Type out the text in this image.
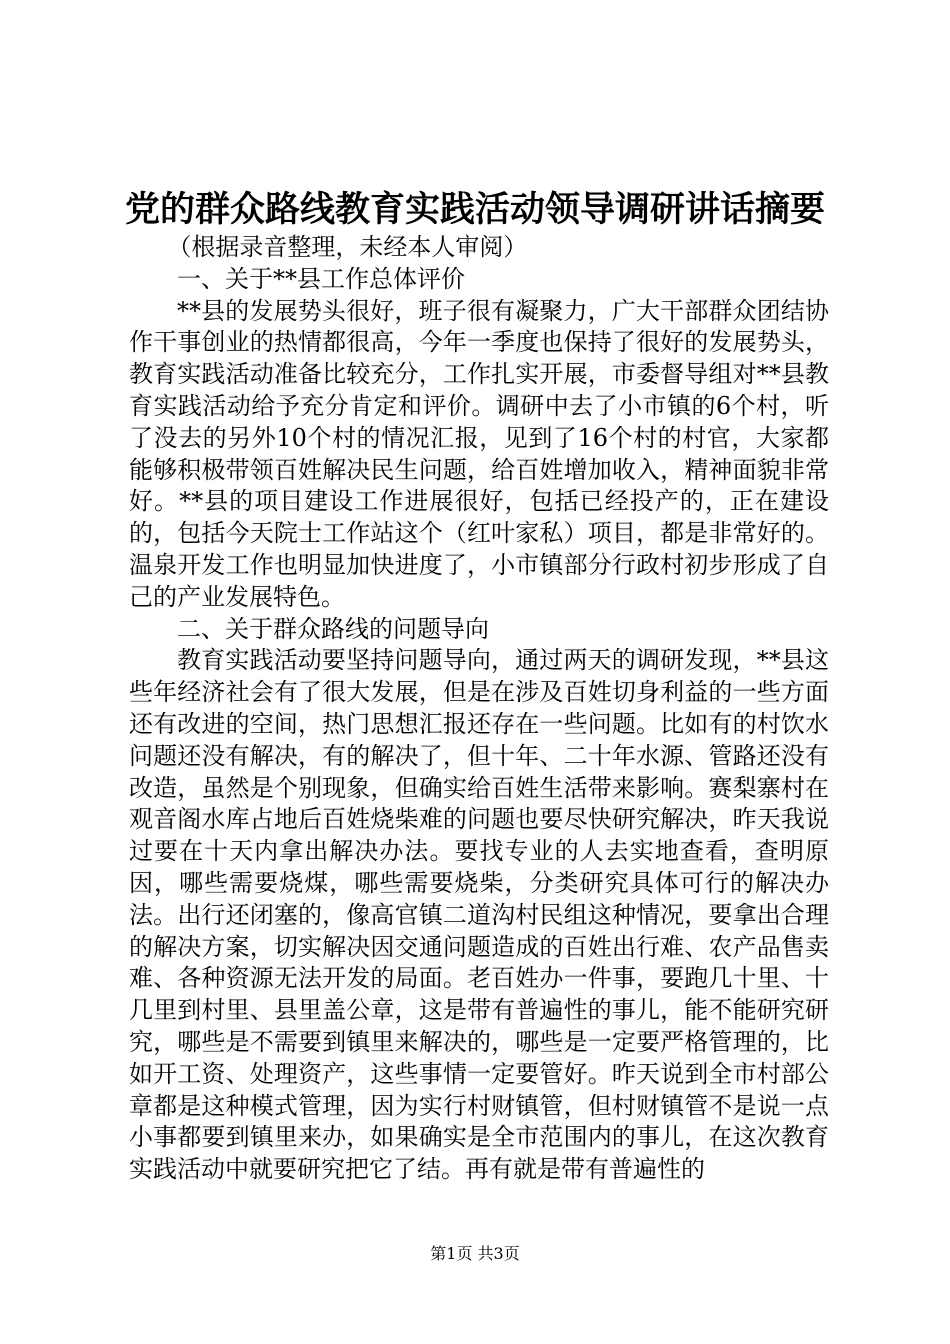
党的群众路线教育实践活动领导调研讲话摘要

（根据录音整理，未经本人审阅）

一、关于**县工作总体评价

**县的发展势头很好，班子很有凝聚力，广大干部群众团结协作干事创业的热情都很高，今年一季度也保持了很好的发展势头，教育实践活动准备比较充分，工作扎实开展，市委督导组对**县教育实践活动给予充分肯定和评价。调研中去了小市镇的6个村，听了没去的另外10个村的情况汇报，见到了16个村的村官，大家都能够积极带领百姓解决民生问题，给百姓增加收入，精神面貌非常好。**县的项目建设工作进展很好，包括已经投产的，正在建设的，包括今天院士工作站这个（红叶家私）项目，都是非常好的。温泉开发工作也明显加快进度了，小市镇部分行政村初步形成了自己的产业发展特色。

二、关于群众路线的问题导向

教育实践活动要坚持问题导向，通过两天的调研发现，**县这些年经济社会有了很大发展，但是在涉及百姓切身利益的一些方面还有改进的空间，热门思想汇报还存在一些问题。比如有的村饮水问题还没有解决，有的解决了，但十年、二十年水源、管路还没有改造，虽然是个别现象，但确实给百姓生活带来影响。赛梨寨村在观音阁水库占地后百姓烧柴难的问题也要尽快研究解决，昨天我说过要在十天内拿出解决办法。要找专业的人去实地查看，查明原因，哪些需要烧煤，哪些需要烧柴，分类研究具体可行的解决办法。出行还闭塞的，像高官镇二道沟村民组这种情况，要拿出合理的解决方案，切实解决因交通问题造成的百姓出行难、农产品售卖难、各种资源无法开发的局面。老百姓办一件事，要跑几十里、十几里到村里、县里盖公章，这是带有普遍性的事儿，能不能研究研究，哪些是不需要到镇里来解决的，哪些是一定要严格管理的，比如开工资、处理资产，这些事情一定要管好。昨天说到全市村部公章都是这种模式管理，因为实行村财镇管，但村财镇管不是说一点小事都要到镇里来办，如果确实是全市范围内的事儿，在这次教育实践活动中就要研究把它了结。再有就是带有普遍性的

第1页 共3页
